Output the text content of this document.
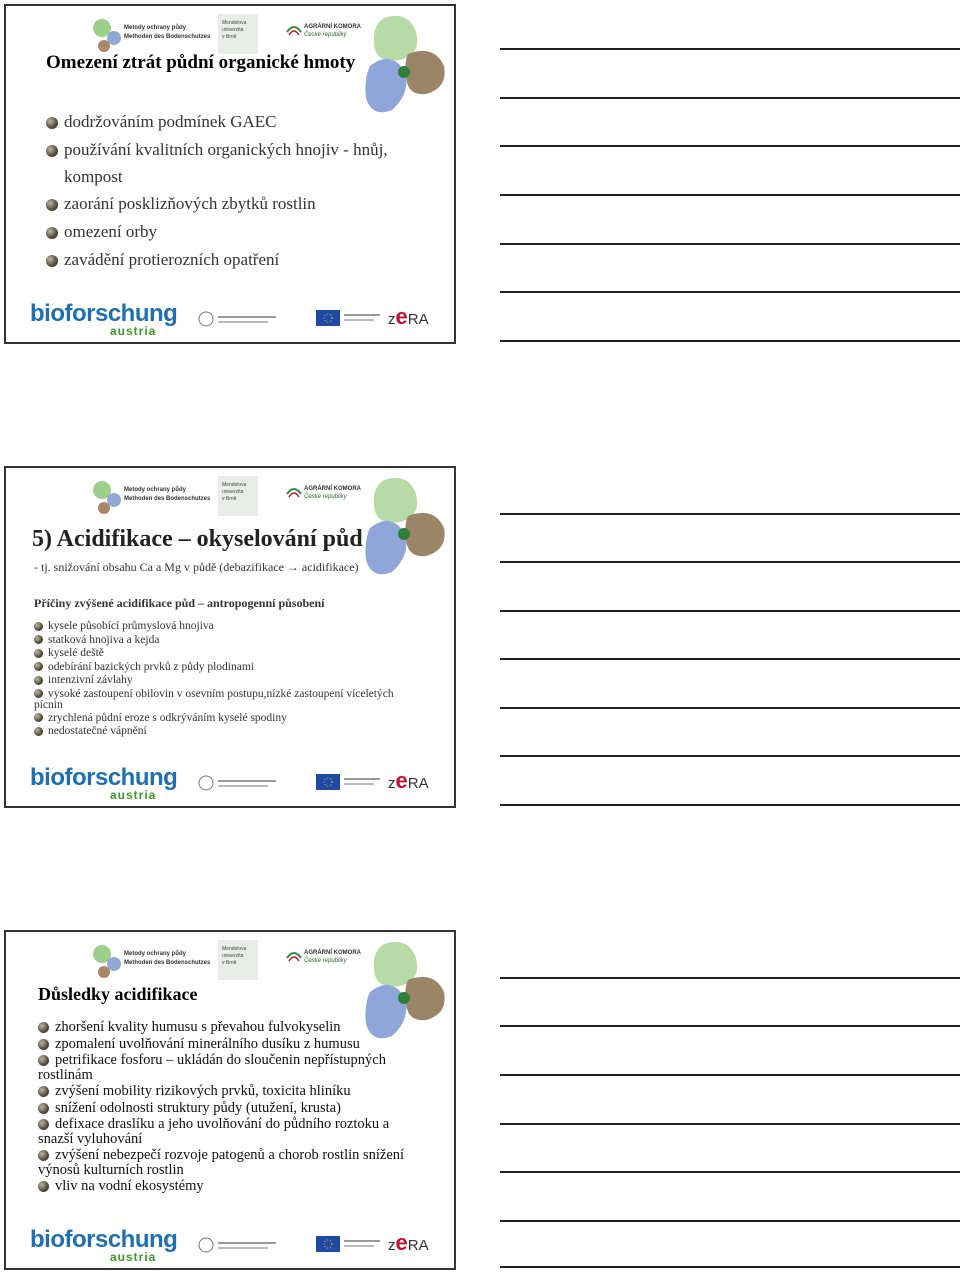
Metody ochrany půdy
Methoden des Bodenschutzes
Mendelova
univerzita
v Brně
AGRÁRNÍ KOMORA
České republiky
Omezení ztrát půdní organické hmoty
dodržováním podmínek GAEC
používání kvalitních organických hnojiv - hnůj, kompost
zaorání posklizňových zbytků rostlin
omezení orby
zavádění protierozních opatření
bioforschung
austria
zeRA
Metody ochrany půdy
Methoden des Bodenschutzes
Mendelova
univerzita
v Brně
AGRÁRNÍ KOMORA
České republiky
5) Acidifikace – okyselování půd
- tj. snižování obsahu Ca a Mg v půdě (debazifikace → acidifikace)
Příčiny zvýšené acidifikace půd – antropogenní působení
kysele působící průmyslová hnojiva
statková hnojiva a kejda
kyselé deště
odebírání bazických prvků z půdy plodinami
intenzivní závlahy
vysoké zastoupení obilovin v osevním postupu,nízké zastoupení víceletých pícnin
zrychlená půdní eroze s odkrýváním kyselé spodiny
nedostatečné vápnění
bioforschung
austria
zeRA
Metody ochrany půdy
Methoden des Bodenschutzes
Mendelova
univerzita
v Brně
AGRÁRNÍ KOMORA
České republiky
Důsledky acidifikace
zhoršení kvality humusu s převahou fulvokyselin
zpomalení uvolňování minerálního dusíku z humusu
petrifikace fosforu – ukládán do sloučenin nepřístupných rostlinám
zvýšení mobility rizikových prvků, toxicita hliníku
snížení odolnosti struktury půdy (utužení, krusta)
defixace draslíku a jeho uvolňování do půdního roztoku a snazší vyluhování
zvýšení nebezpečí rozvoje patogenů a chorob rostlin snížení výnosů kulturních rostlin
vliv na vodní ekosystémy
bioforschung
austria
zeRA
